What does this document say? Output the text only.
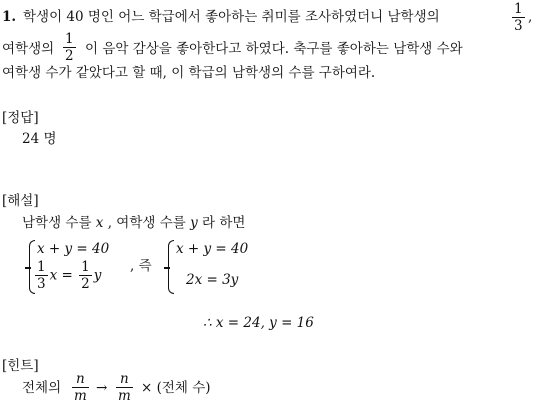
1. 학생이 40 명인 어느 학급에서 좋아하는 취미를 조사하였더니 남학생의	$\frac{1}{3}$ ,
여학생의 $\frac{1}{2}$ 이 음악 감상을 좋아한다고 하였다. 축구를 좋아하는 남학생 수와
여학생 수가 같았다고 할 때, 이 학급의 남학생의 수를 구하여라.
[정답]
24 명
[해설]
남학생 수를 x , 여학생 수를 y 라 하면
x + y = 40
$\frac{1}{3}$ $x = \frac{1}{2}$ y
, 즉
x + y = 40
2x = 3y
∴ x = 24, y = 16
[힌트]
전체의 $\frac{n}{m} \to \frac{n}{m}$ × (전체 수)
